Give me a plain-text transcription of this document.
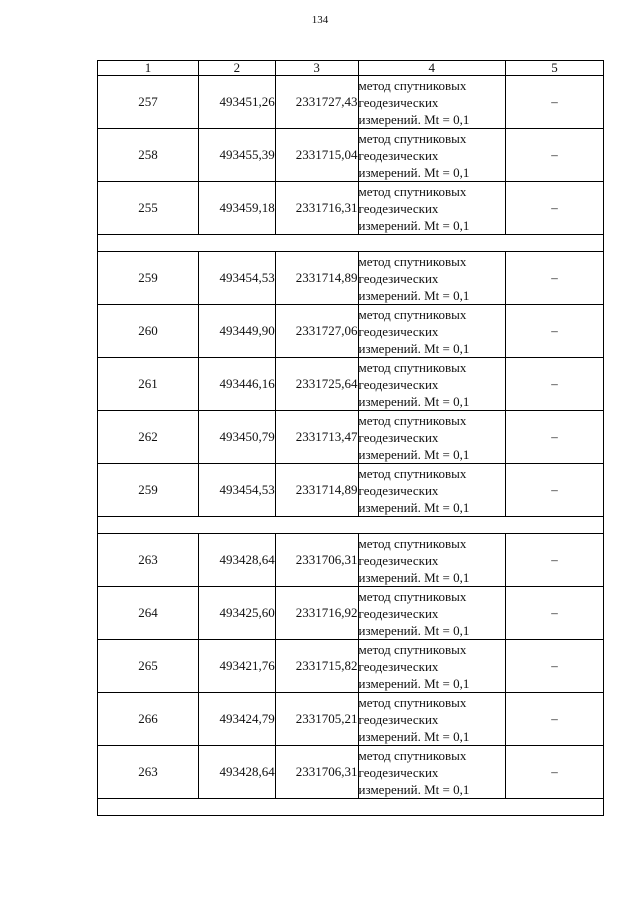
134
1	2	3	4	5
257	493451,26	2331727,43	метод спутниковых
геодезических
измерений. Mt = 0,1	–
258	493455,39	2331715,04	метод спутниковых
геодезических
измерений. Mt = 0,1	–
255	493459,18	2331716,31	метод спутниковых
геодезических
измерений. Mt = 0,1	–

259	493454,53	2331714,89	метод спутниковых
геодезических
измерений. Mt = 0,1	–
260	493449,90	2331727,06	метод спутниковых
геодезических
измерений. Mt = 0,1	–
261	493446,16	2331725,64	метод спутниковых
геодезических
измерений. Mt = 0,1	–
262	493450,79	2331713,47	метод спутниковых
геодезических
измерений. Mt = 0,1	–
259	493454,53	2331714,89	метод спутниковых
геодезических
измерений. Mt = 0,1	–

263	493428,64	2331706,31	метод спутниковых
геодезических
измерений. Mt = 0,1	–
264	493425,60	2331716,92	метод спутниковых
геодезических
измерений. Mt = 0,1	–
265	493421,76	2331715,82	метод спутниковых
геодезических
измерений. Mt = 0,1	–
266	493424,79	2331705,21	метод спутниковых
геодезических
измерений. Mt = 0,1	–
263	493428,64	2331706,31	метод спутниковых
геодезических
измерений. Mt = 0,1	–
